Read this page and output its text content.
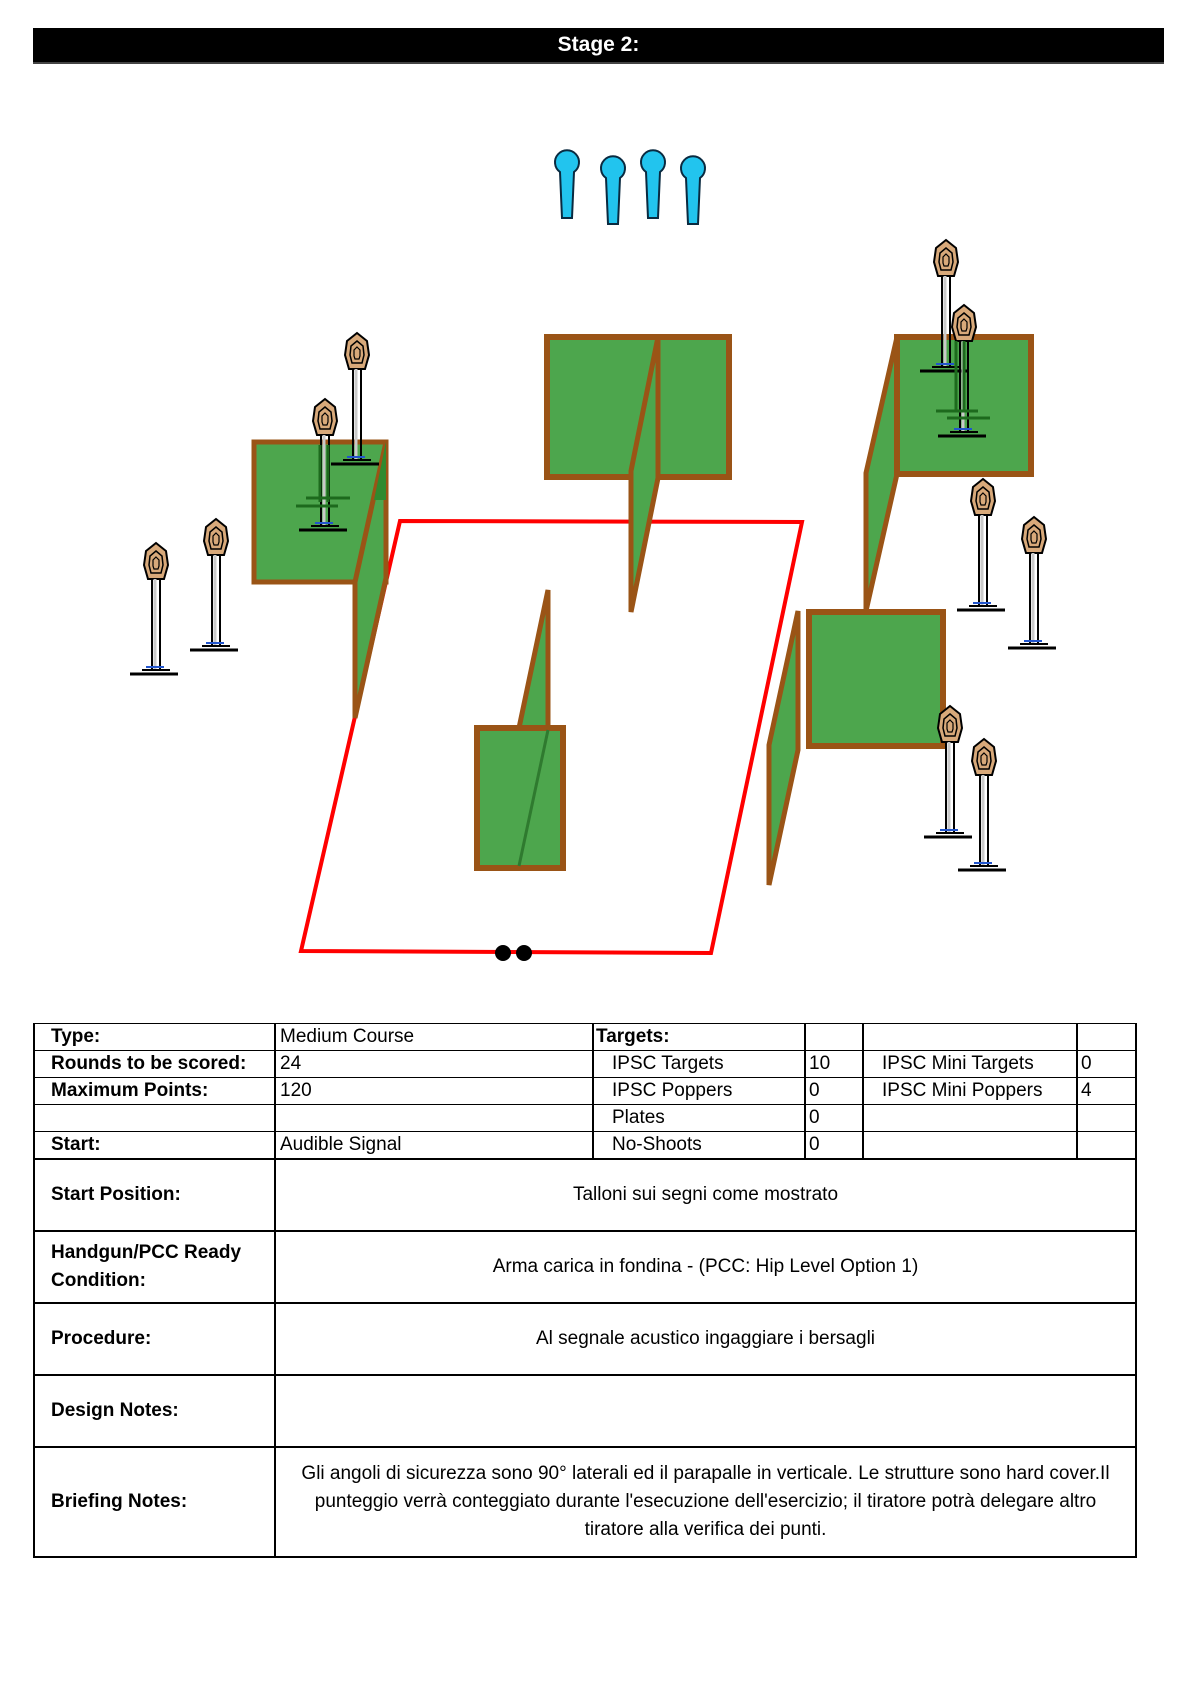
Stage 2:
Type:	Medium Course	Targets:			
Rounds to be scored:	24	IPSC Targets	10	IPSC Mini Targets	0
Maximum Points:	120	IPSC Poppers	0	IPSC Mini Poppers	4
		Plates	0		
Start:	Audible Signal	No-Shoots	0		
Start Position:	Talloni sui segni come mostrato				
Handgun/PCC Ready Condition:	Arma carica in fondina - (PCC: Hip Level Option 1)				
Procedure:	Al segnale acustico ingaggiare i bersagli				
Design Notes:					
Briefing Notes:	Gli angoli di sicurezza sono 90° laterali ed il parapalle in verticale. Le strutture sono hard cover.Il punteggio verrà conteggiato durante l'esecuzione dell'esercizio; il tiratore potrà delegare altro tiratore alla verifica dei punti.				
